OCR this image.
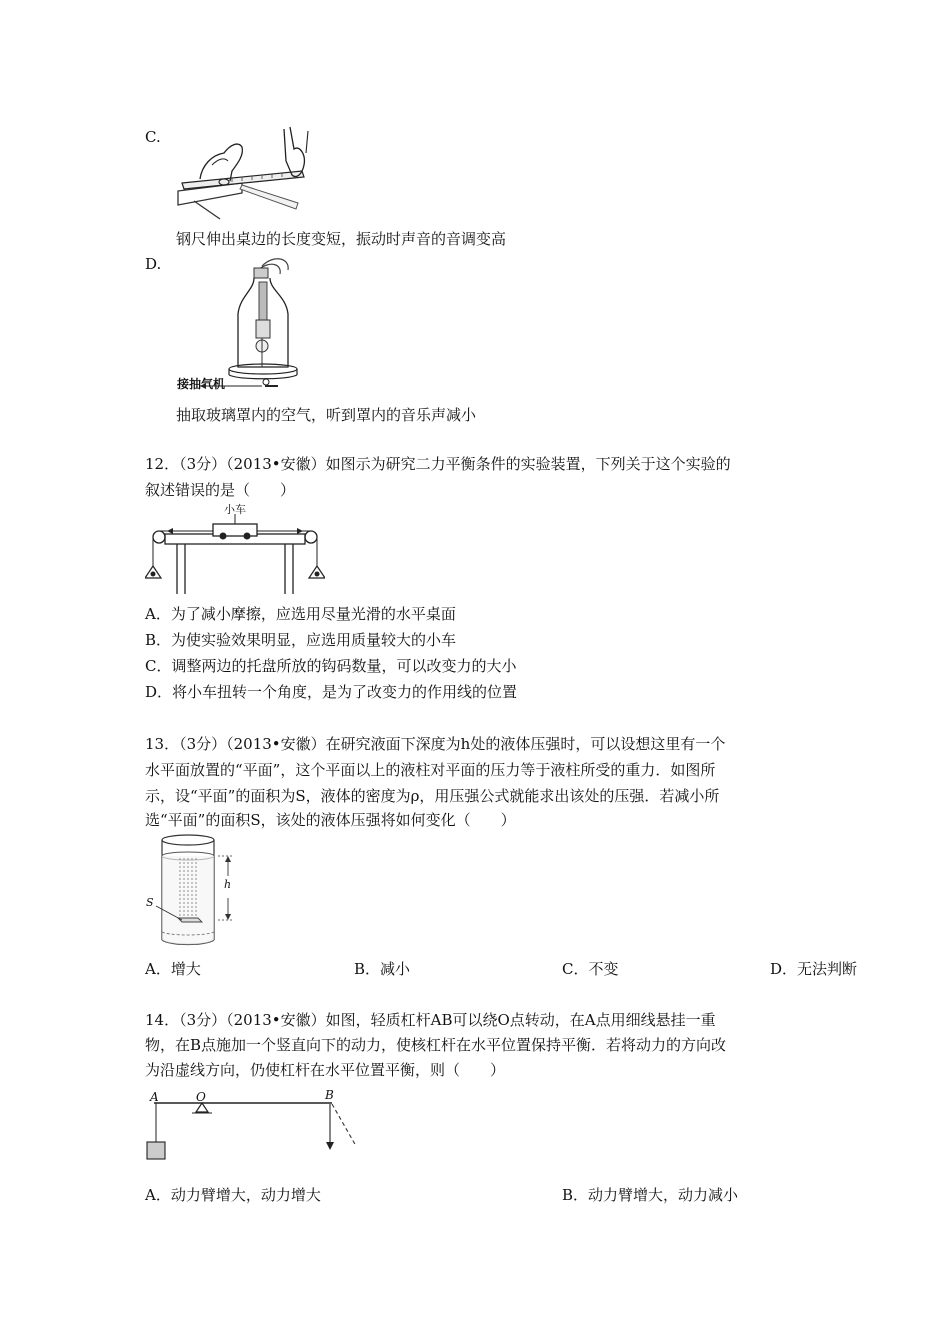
C.
钢尺伸出桌边的长度变短，振动时声音的音调变高
D.
接抽气机
抽取玻璃罩内的空气，听到罩内的音乐声减小
12．（3分）（2013•安徽）如图示为研究二力平衡条件的实验装置，下列关于这个实验的
叙述错误的是（　　）
小车
A．为了减小摩擦，应选用尽量光滑的水平桌面
B．为使实验效果明显，应选用质量较大的小车
C．调整两边的托盘所放的钩码数量，可以改变力的大小
D．将小车扭转一个角度，是为了改变力的作用线的位置
13．（3分）（2013•安徽）在研究液面下深度为h处的液体压强时，可以设想这里有一个
水平面放置的“平面”，这个平面以上的液柱对平面的压力等于液柱所受的重力．如图所
示，设“平面”的面积为S，液体的密度为ρ，用压强公式就能求出该处的压强．若减小所
选“平面”的面积S，该处的液体压强将如何变化（　　）
h
S
A．增大	B．减小	C．不变	D．无法判断
14．（3分）（2013•安徽）如图，轻质杠杆AB可以绕O点转动，在A点用细线悬挂一重
物，在B点施加一个竖直向下的动力，使核杠杆在水平位置保持平衡．若将动力的方向改
为沿虚线方向，仍使杠杆在水平位置平衡，则（　　）
A	O	B
A．动力臂增大，动力增大	B．动力臂增大，动力减小
